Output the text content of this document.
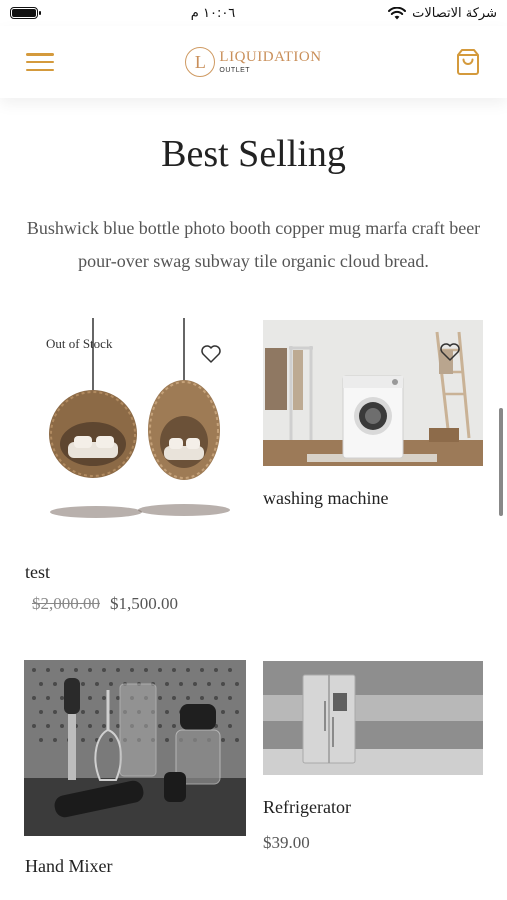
١٠:٠٦ م	شركة الاتصالات
L LIQUIDATION
OUTLET
Best Selling

Bushwick blue bottle photo booth copper mug marfa craft beer pour-over swag subway tile organic cloud bread.

Out of Stock
test
$2,000.00 $1,500.00
washing machine
Hand Mixer
Refrigerator
$39.00
